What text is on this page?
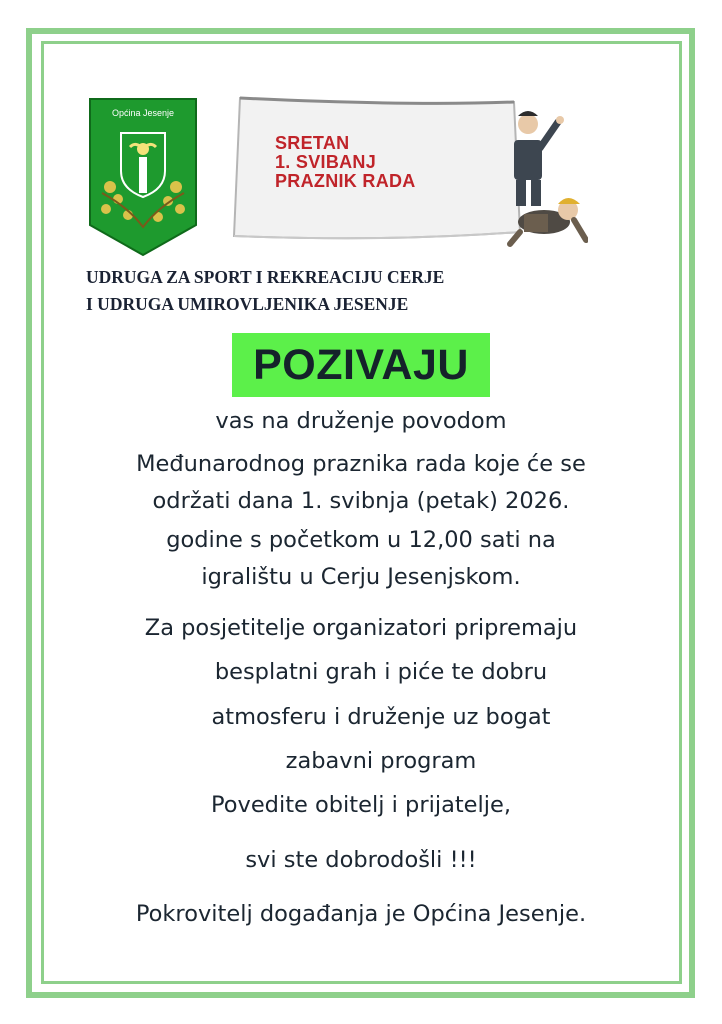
Općina Jesenje
SRETAN
1. SVIBANJ
PRAZNIK RADA
UDRUGA ZA SPORT I REKREACIJU CERJE
I UDRUGA UMIROVLJENIKA JESENJE
POZIVAJU
vas na druženje povodom
Međunarodnog praznika rada koje će se
održati dana 1. svibnja (petak) 2026.
godine s početkom u 12,00 sati na
igralištu u Cerju Jesenjskom.
Za posjetitelje organizatori pripremaju
besplatni grah i piće te dobru
atmosferu i druženje uz bogat
zabavni program
Povedite obitelj i prijatelje,
svi ste dobrodošli !!!
Pokrovitelj događanja je Općina Jesenje.
